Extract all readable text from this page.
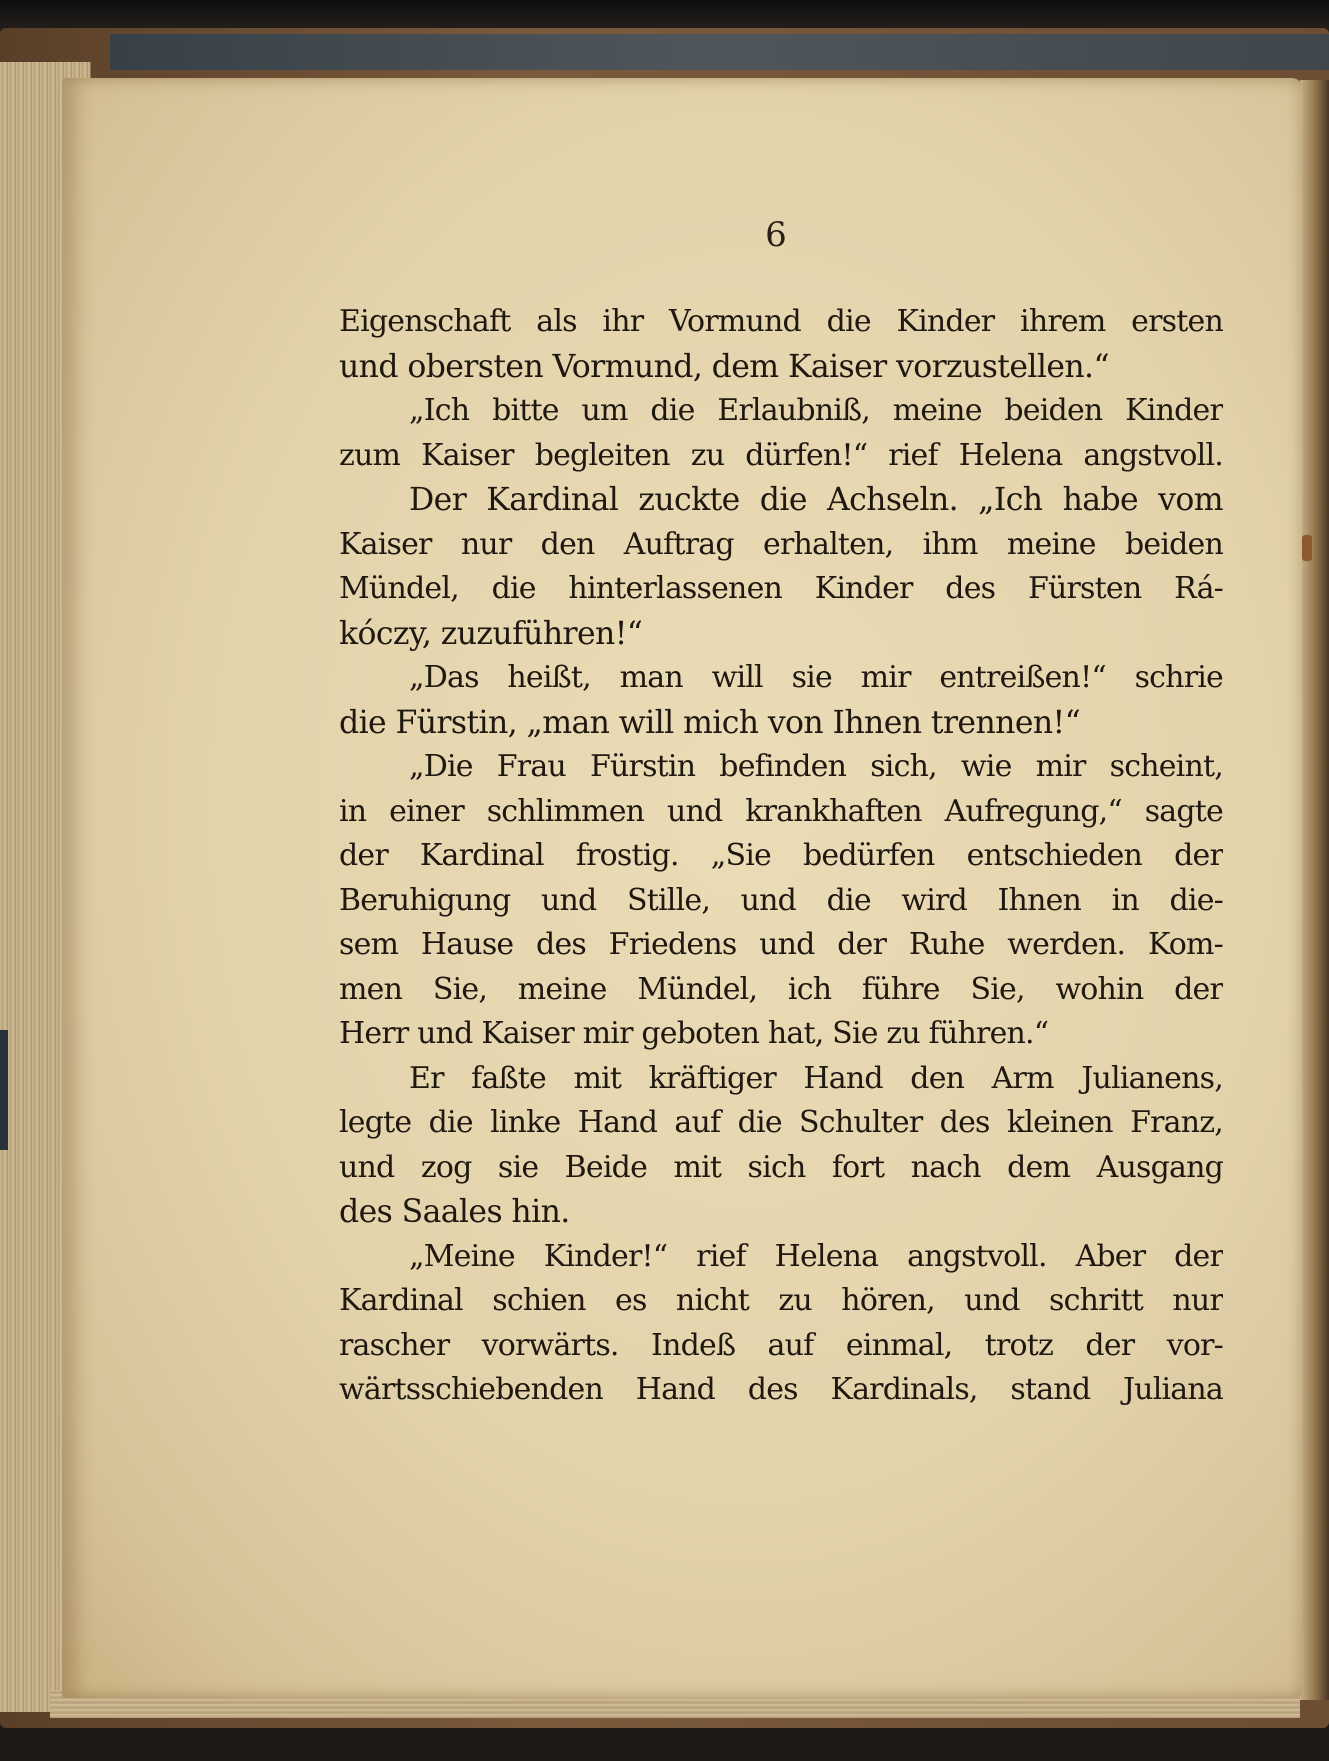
6
Eigenschaft als ihr Vormund die Kinder ihrem ersten
und obersten Vormund, dem Kaiser vorzustellen.“
„Ich bitte um die Erlaubniß, meine beiden Kinder
zum Kaiser begleiten zu dürfen!“ rief Helena angstvoll.
Der Kardinal zuckte die Achseln. „Ich habe vom
Kaiser nur den Auftrag erhalten, ihm meine beiden
Mündel, die hinterlassenen Kinder des Fürsten Rá-
kóczy, zuzuführen!“
„Das heißt, man will sie mir entreißen!“ schrie
die Fürstin, „man will mich von Ihnen trennen!“
„Die Frau Fürstin befinden sich, wie mir scheint,
in einer schlimmen und krankhaften Aufregung,“ sagte
der Kardinal frostig. „Sie bedürfen entschieden der
Beruhigung und Stille, und die wird Ihnen in die-
sem Hause des Friedens und der Ruhe werden. Kom-
men Sie, meine Mündel, ich führe Sie, wohin der
Herr und Kaiser mir geboten hat, Sie zu führen.“
Er faßte mit kräftiger Hand den Arm Julianens,
legte die linke Hand auf die Schulter des kleinen Franz,
und zog sie Beide mit sich fort nach dem Ausgang
des Saales hin.
„Meine Kinder!“ rief Helena angstvoll. Aber der
Kardinal schien es nicht zu hören, und schritt nur
rascher vorwärts. Indeß auf einmal, trotz der vor-
wärtsschiebenden Hand des Kardinals, stand Juliana
